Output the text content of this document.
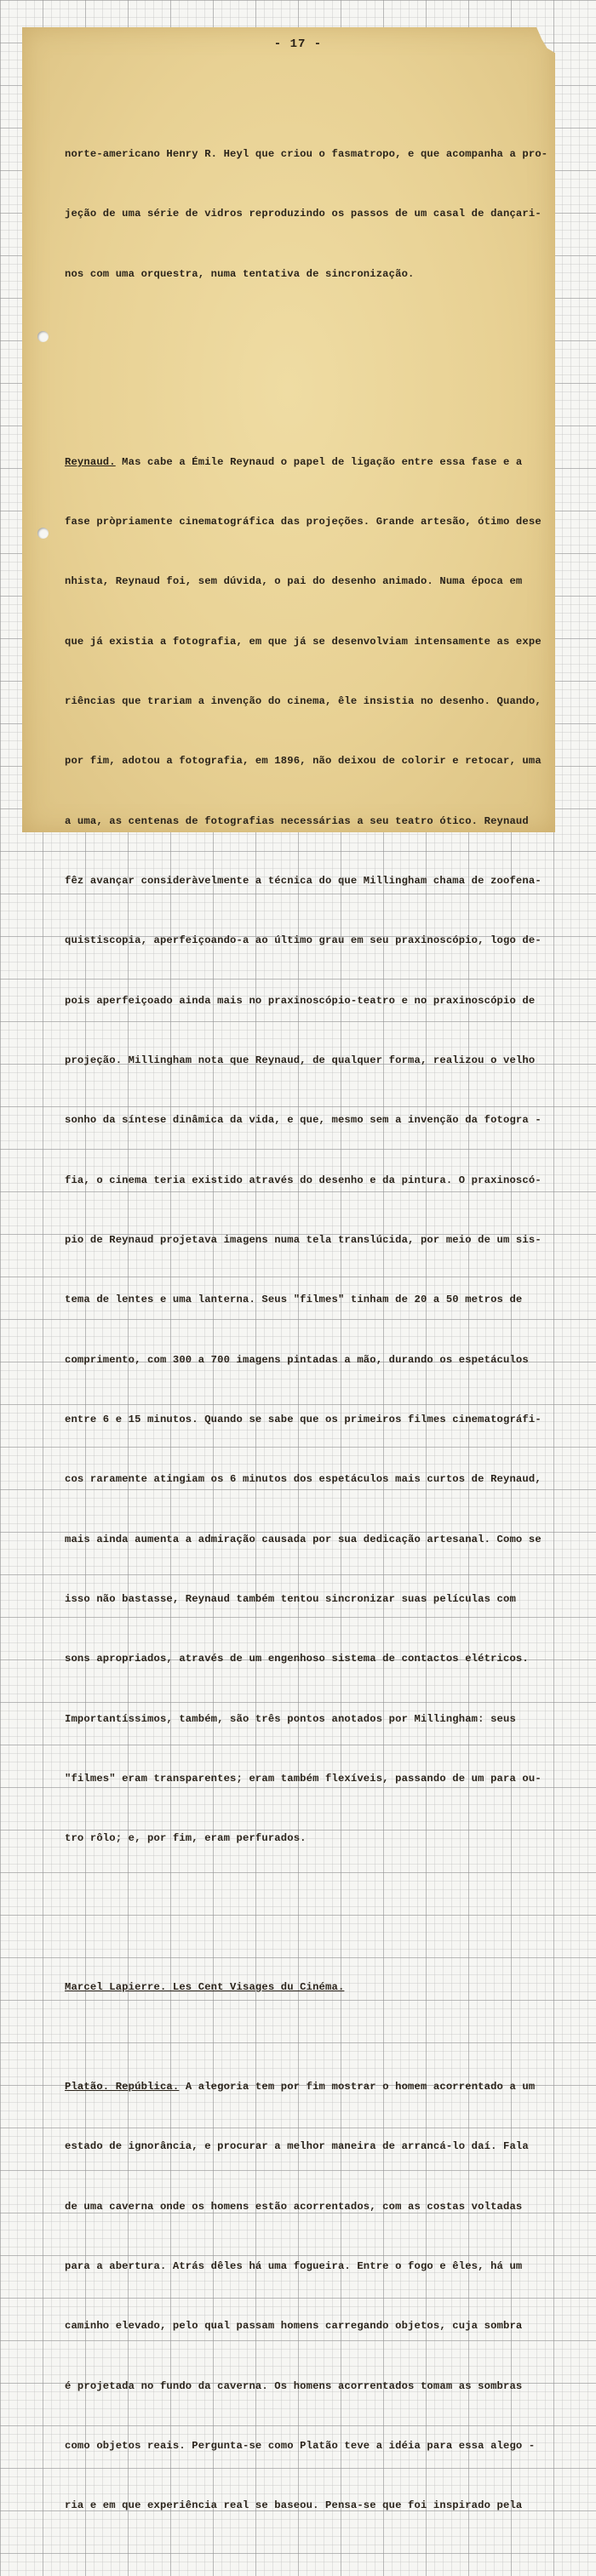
- 17 -

norte-americano Henry R. Heyl que criou o fasmatropo, e que acompanha a pro-

jeção de uma série de vidros reproduzindo os passos de um casal de dançari-

nos com uma orquestra, numa tentativa de sincronização.

Reynaud. Mas cabe a Émile Reynaud o papel de ligação entre essa fase e a

fase pròpriamente cinematográfica das projeções. Grande artesão, ótimo dese

nhista, Reynaud foi, sem dúvida, o pai do desenho animado. Numa época em

que já existia a fotografia, em que já se desenvolviam intensamente as expe

riências que trariam a invenção do cinema, êle insistia no desenho. Quando,

por fim, adotou a fotografia, em 1896, não deixou de colorir e retocar, uma

a uma, as centenas de fotografias necessárias a seu teatro ótico. Reynaud

fêz avançar consideràvelmente a técnica do que Millingham chama de zoofena-

quistiscopia, aperfeiçoando-a ao último grau em seu praxinoscópio, logo de-

pois aperfeiçoado ainda mais no praxinoscópio-teatro e no praxinoscópio de

projeção. Millingham nota que Reynaud, de qualquer forma, realizou o velho

sonho da síntese dinâmica da vida, e que, mesmo sem a invenção da fotogra -

fia, o cinema teria existido através do desenho e da pintura. O praxinoscó-

pio de Reynaud projetava imagens numa tela translúcida, por meio de um sis-

tema de lentes e uma lanterna. Seus "filmes" tinham de 20 a 50 metros de

comprimento, com 300 a 700 imagens pintadas a mão, durando os espetáculos

entre 6 e 15 minutos. Quando se sabe que os primeiros filmes cinematográfi-

cos raramente atingiam os 6 minutos dos espetáculos mais curtos de Reynaud,

mais ainda aumenta a admiração causada por sua dedicação artesanal. Como se

isso não bastasse, Reynaud também tentou sincronizar suas películas com

sons apropriados, através de um engenhoso sistema de contactos elétricos.

Importantíssimos, também, são três pontos anotados por Millingham: seus

"filmes" eram transparentes; eram também flexíveis, passando de um para ou-

tro rôlo; e, por fim, eram perfurados.

Marcel Lapierre. Les Cent Visages du Cinéma.

Platão. República. A alegoria tem por fim mostrar o homem acorrentado a um

estado de ignorância, e procurar a melhor maneira de arrancá-lo daí. Fala

de uma caverna onde os homens estão acorrentados, com as costas voltadas

para a abertura. Atrás dêles há uma fogueira. Entre o fogo e êles, há um

caminho elevado, pelo qual passam homens carregando objetos, cuja sombra

é projetada no fundo da caverna. Os homens acorrentados tomam as sombras

como objetos reais. Pergunta-se como Platão teve a idéia para essa alego -

ria e em que experiência real se baseou. Pensa-se que foi inspirado pela
